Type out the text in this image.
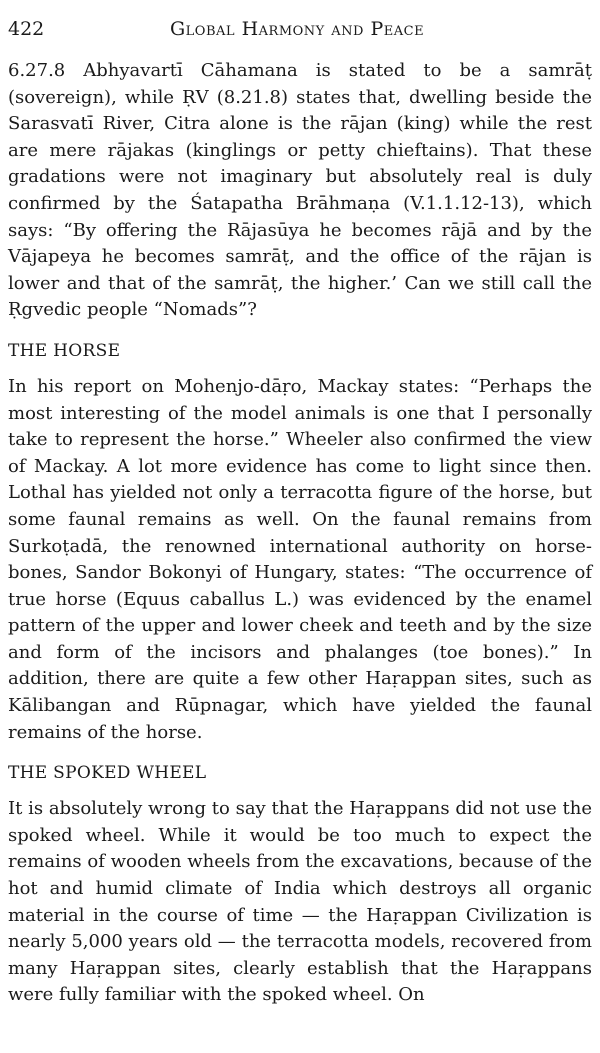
422	Global Harmony and Peace

6.27.8 Abhyavartī Cāhamana is stated to be a samrāṭ (sovereign), while ṚV (8.21.8) states that, dwelling beside the Sarasvatī River, Citra alone is the rājan (king) while the rest are mere rājakas (kinglings or petty chieftains). That these gradations were not imaginary but absolutely real is duly confirmed by the Śatapatha Brāhmaṇa (V.1.1.12-13), which says: “By offering the Rājasūya he becomes rājā and by the Vājapeya he becomes samrāṭ, and the office of the rājan is lower and that of the samrāṭ, the higher.’ Can we still call the Ṛgvedic people “Nomads”?

THE HORSE

In his report on Mohenjo-dāṛo, Mackay states: “Perhaps the most interesting of the model animals is one that I personally take to represent the horse.” Wheeler also confirmed the view of Mackay. A lot more evidence has come to light since then. Lothal has yielded not only a terracotta figure of the horse, but some faunal remains as well. On the faunal remains from Surkoṭadā, the renowned international authority on horse-bones, Sandor Bokonyi of Hungary, states: “The occurrence of true horse (Equus caballus L.) was evidenced by the enamel pattern of the upper and lower cheek and teeth and by the size and form of the incisors and phalanges (toe bones).” In addition, there are quite a few other Haṛappan sites, such as Kālibangan and Rūpnagar, which have yielded the faunal remains of the horse.

THE SPOKED WHEEL

It is absolutely wrong to say that the Haṛappans did not use the spoked wheel. While it would be too much to expect the remains of wooden wheels from the excavations, because of the hot and humid climate of India which destroys all organic material in the course of time — the Haṛappan Civilization is nearly 5,000 years old — the terracotta models, recovered from many Haṛappan sites, clearly establish that the Haṛappans were fully familiar with the spoked wheel. On
